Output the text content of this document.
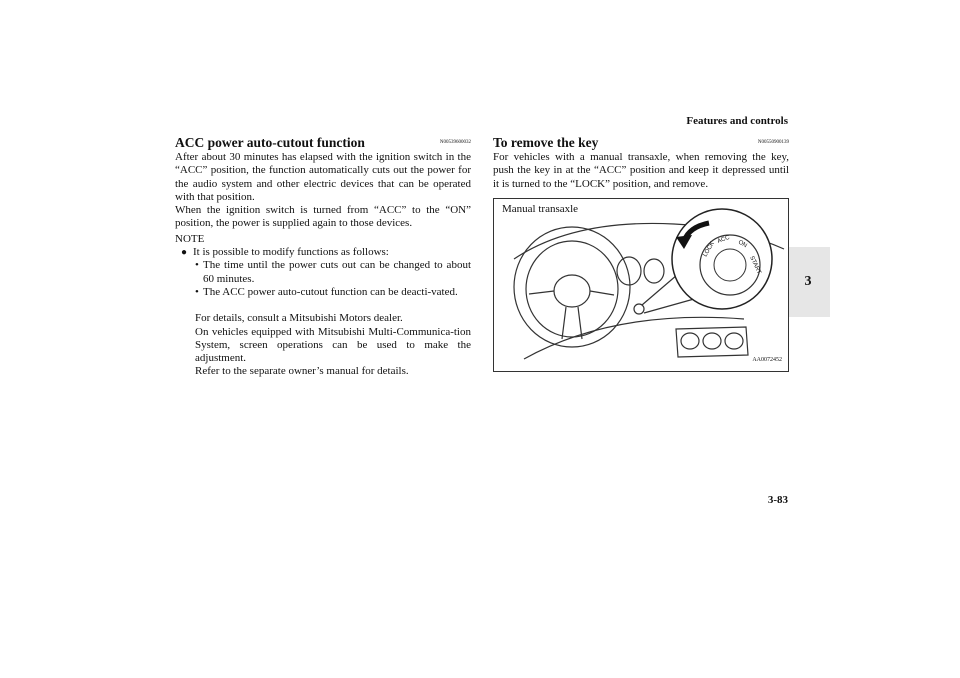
Features and controls
3-83
3
ACC power auto-cutout function	N00539600032

After about 30 minutes has elapsed with the ignition switch in the “ACC” position, the function automatically cuts out the power for the audio system and other electric devices that can be operated with that position.

When the ignition switch is turned from “ACC” to the “ON” position, the power is supplied again to those devices.

NOTE
● It is possible to modify functions as follows:
• The time until the power cuts out can be changed to about 60 minutes.
• The ACC power auto-cutout function can be deacti-vated.

For details, consult a Mitsubishi Motors dealer.

On vehicles equipped with Mitsubishi Multi-Communica-tion System, screen operations can be used to make the adjustment.

Refer to the separate owner’s manual for details.

To remove the key	N00550900139

For vehicles with a manual transaxle, when removing the key, push the key in at the “ACC” position and keep it depressed until it is turned to the “LOCK” position, and remove.

LOCK
ACC ON
START
Manual transaxle
AA0072452
